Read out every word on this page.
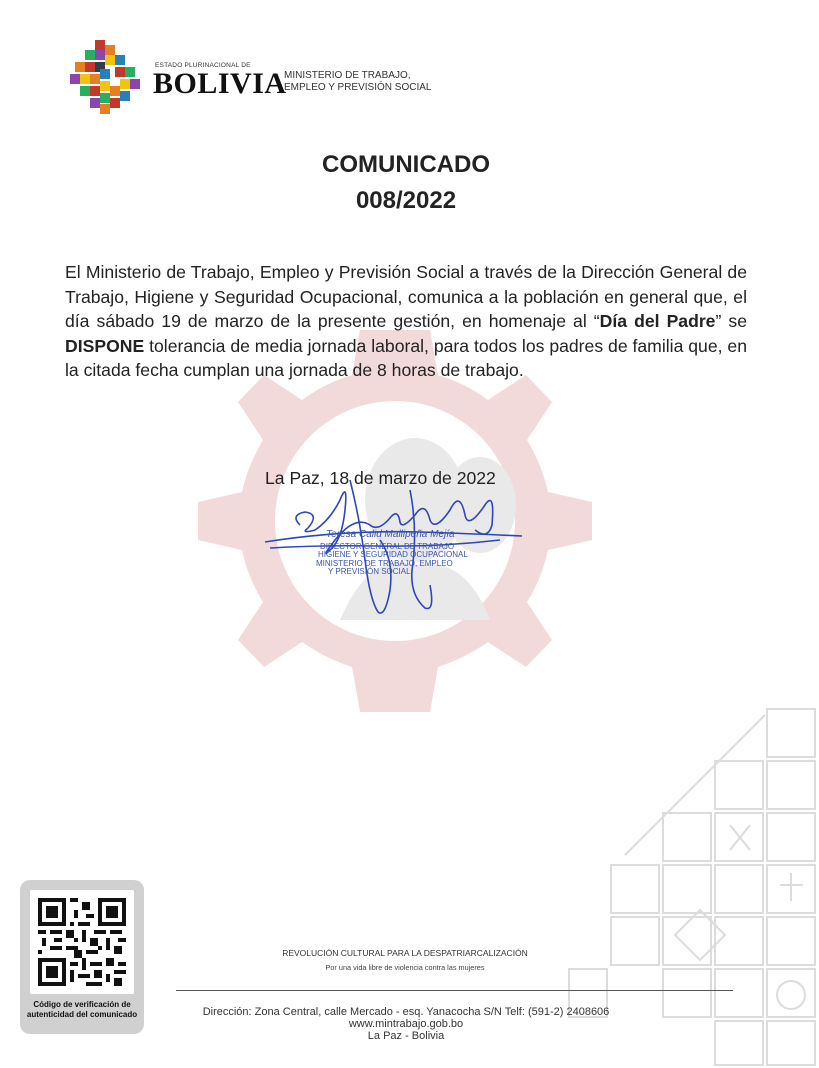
ESTADO PLURINACIONAL DE
BOLIVIA
MINISTERIO DE TRABAJO,
EMPLEO Y PREVISIÓN SOCIAL
COMUNICADO
008/2022
El Ministerio de Trabajo, Empleo y Previsión Social a través de la Dirección General de Trabajo, Higiene y Seguridad Ocupacional, comunica a la población en general que, el día sábado 19 de marzo de la presente gestión, en homenaje al “Día del Padre” se DISPONE tolerancia de media jornada laboral, para todos los padres de familia que, en la citada fecha cumplan una jornada de 8 horas de trabajo.
La Paz, 18 de marzo de 2022
Teresa Calid Mallipeña Mejía
DIRECTOR GENERAL DE TRABAJO
HIGIENE Y SEGURIDAD OCUPACIONAL
MINISTERIO DE TRABAJO, EMPLEO
Y PREVISIÓN SOCIAL
Código de verificación de
autenticidad del comunicado
REVOLUCIÓN CULTURAL PARA LA DESPATRIARCALIZACIÓN
Por una vida libre de violencia contra las mujeres
Dirección: Zona Central, calle Mercado - esq. Yanacocha S/N Telf: (591-2) 2408606
www.mintrabajo.gob.bo
La Paz - Bolivia
